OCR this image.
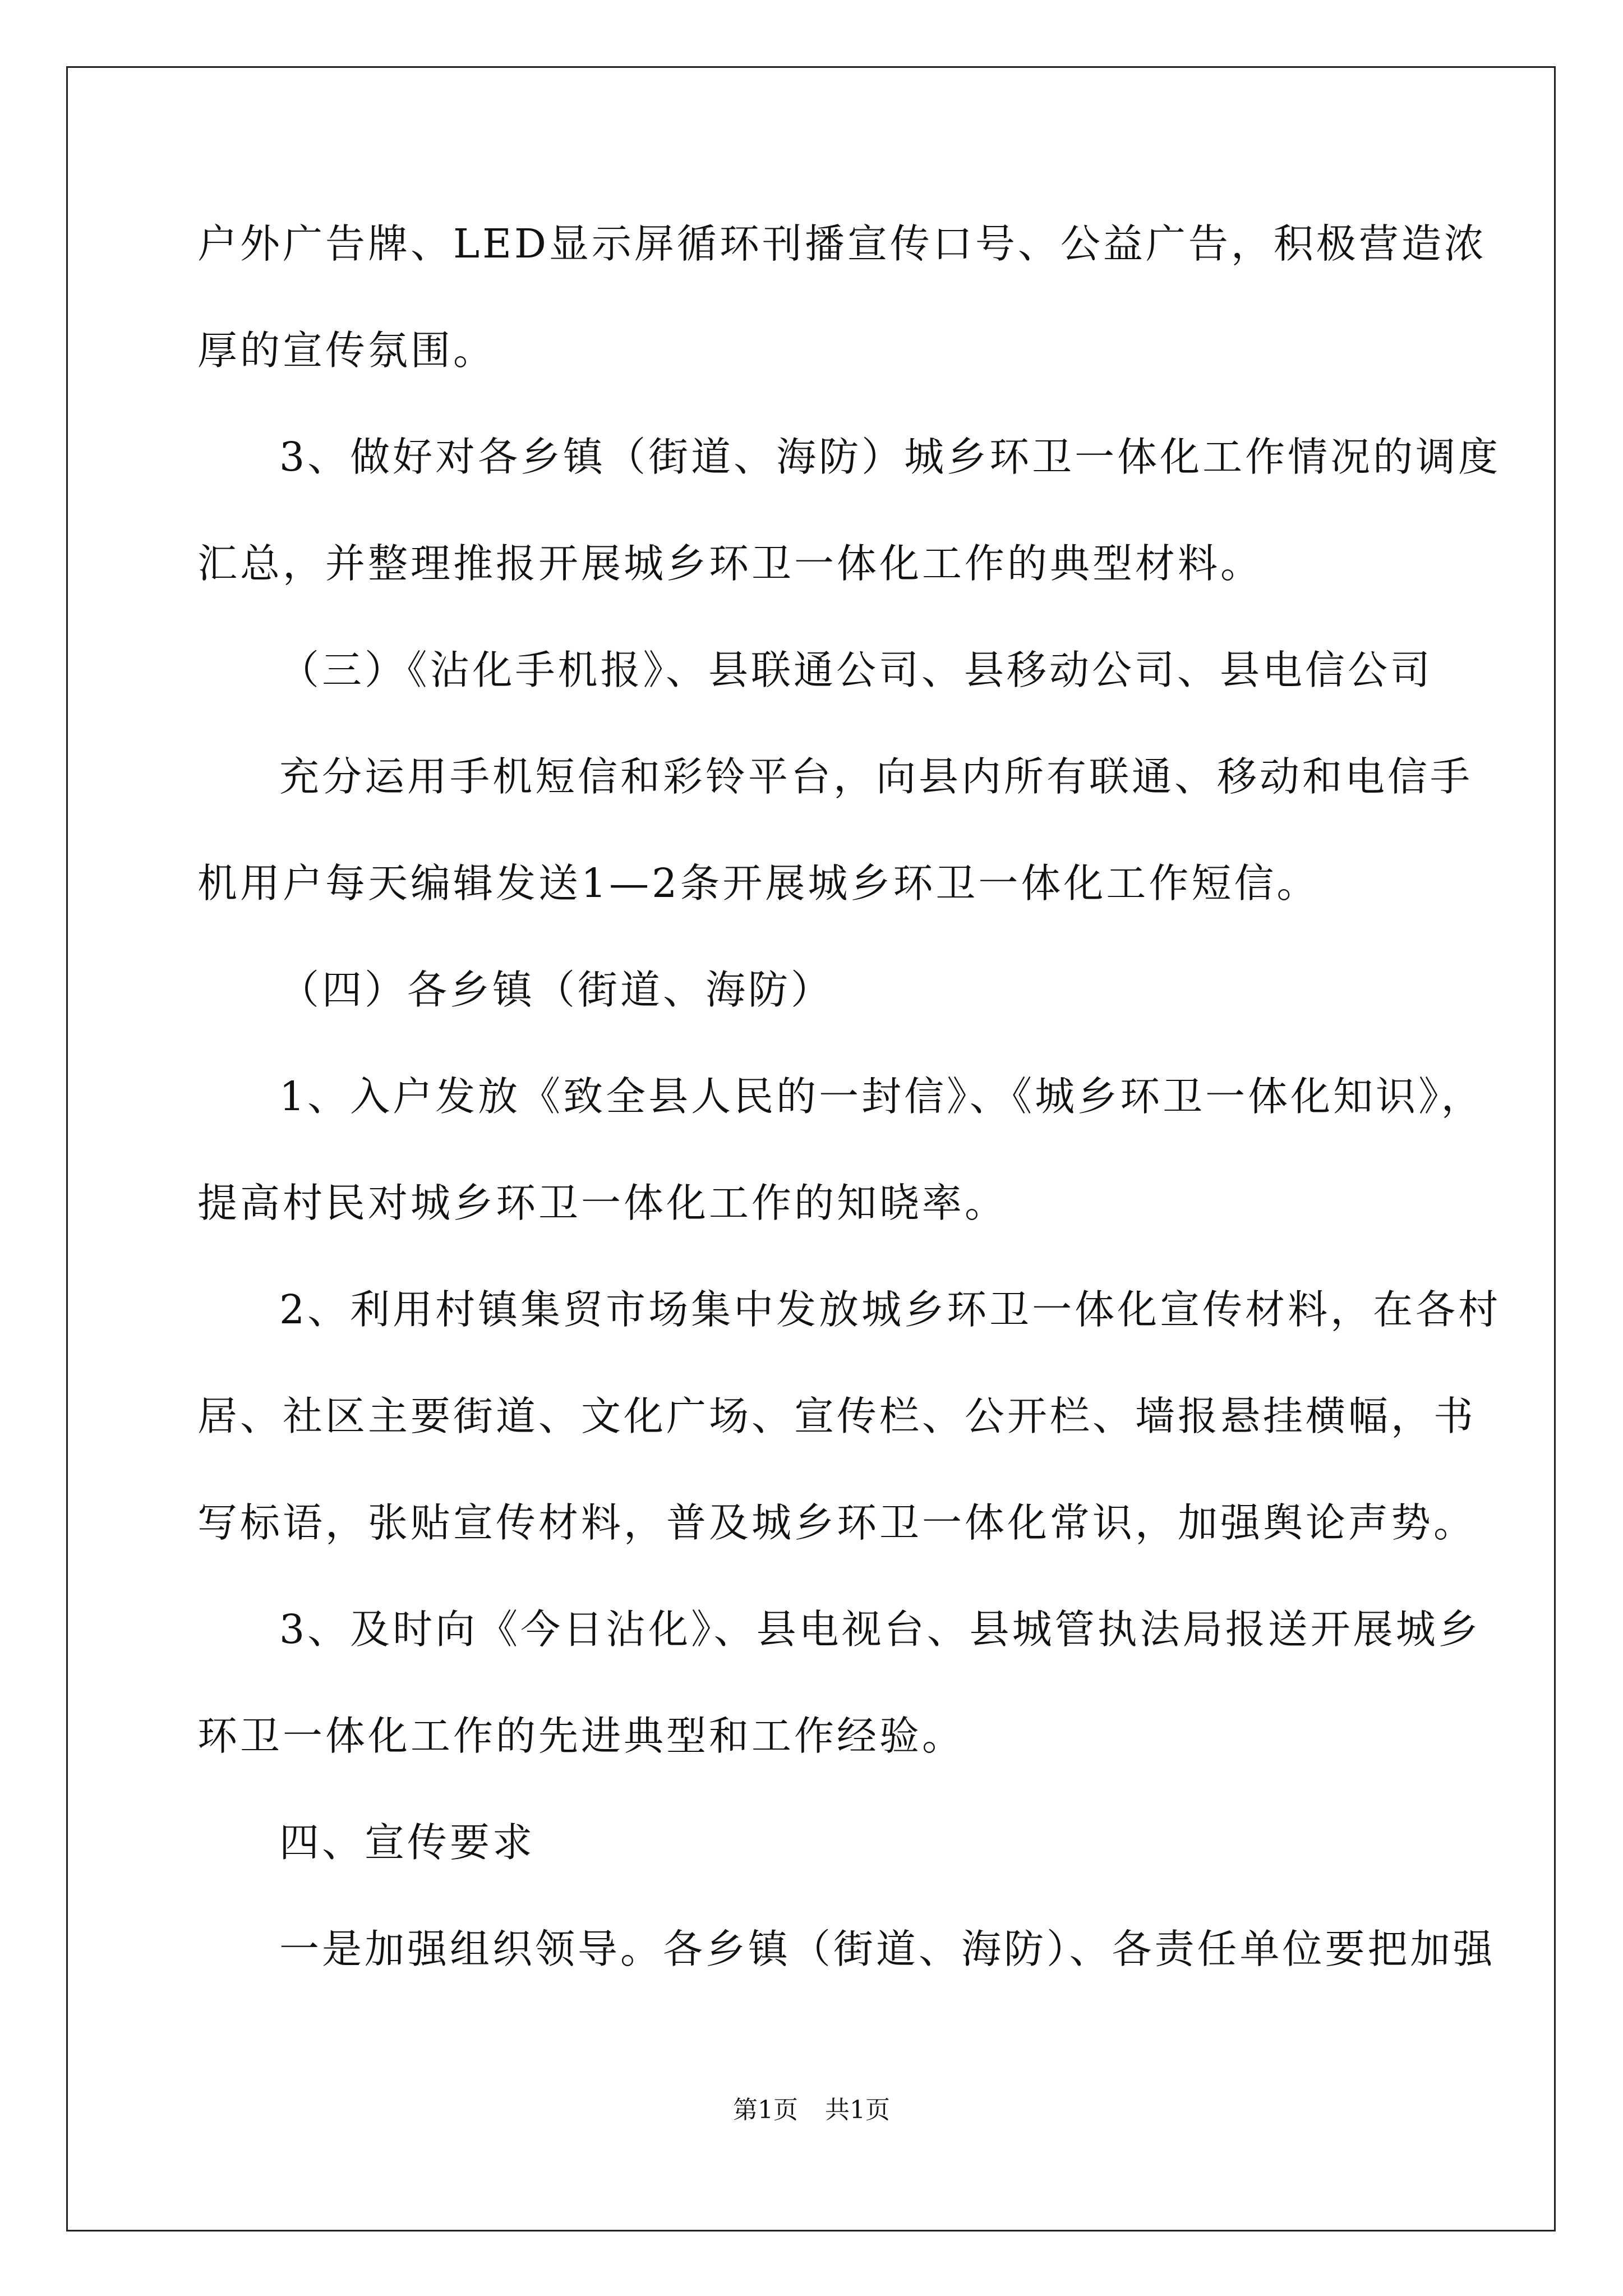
户外广告牌、LED显示屏循环刊播宣传口号、公益广告，积极营造浓
厚的宣传氛围。
3、做好对各乡镇（街道、海防）城乡环卫一体化工作情况的调度
汇总，并整理推报开展城乡环卫一体化工作的典型材料。
（三）《沾化手机报》、县联通公司、县移动公司、县电信公司
充分运用手机短信和彩铃平台，向县内所有联通、移动和电信手
机用户每天编辑发送1—2条开展城乡环卫一体化工作短信。
（四）各乡镇（街道、海防）
1、入户发放《致全县人民的一封信》、《城乡环卫一体化知识》，
提高村民对城乡环卫一体化工作的知晓率。
2、利用村镇集贸市场集中发放城乡环卫一体化宣传材料，在各村
居、社区主要街道、文化广场、宣传栏、公开栏、墙报悬挂横幅，书
写标语，张贴宣传材料，普及城乡环卫一体化常识，加强舆论声势。
3、及时向《今日沾化》、县电视台、县城管执法局报送开展城乡
环卫一体化工作的先进典型和工作经验。
四、宣传要求
一是加强组织领导。各乡镇（街道、海防）、各责任单位要把加强
第1页 共1页
